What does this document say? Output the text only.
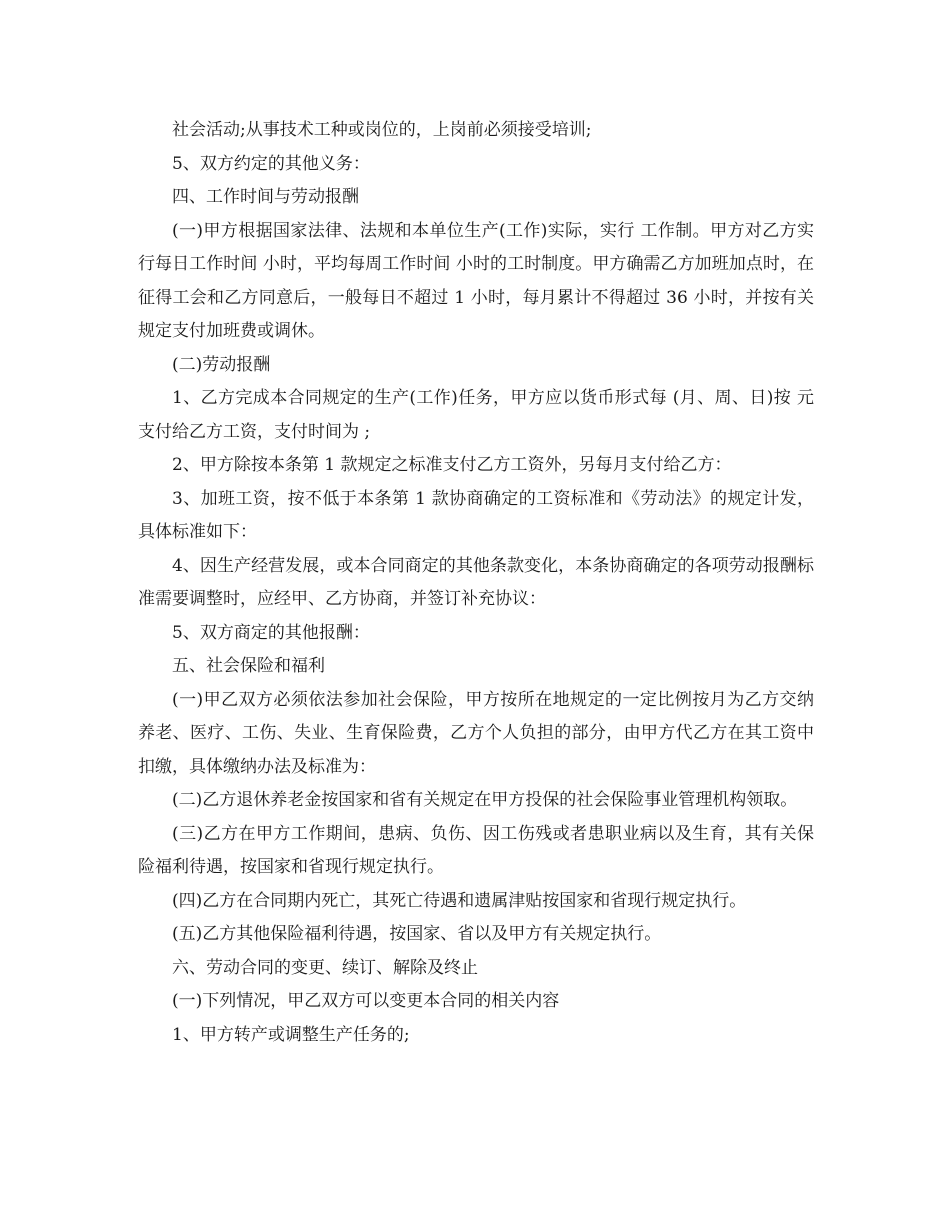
社会活动;从事技术工种或岗位的，上岗前必须接受培训;

5、双方约定的其他义务：

四、工作时间与劳动报酬

(一)甲方根据国家法律、法规和本单位生产(工作)实际，实行 工作制。甲方对乙方实行每日工作时间 小时，平均每周工作时间 小时的工时制度。甲方确需乙方加班加点时，在征得工会和乙方同意后，一般每日不超过 1 小时，每月累计不得超过 36 小时，并按有关规定支付加班费或调休。

(二)劳动报酬

1、乙方完成本合同规定的生产(工作)任务，甲方应以货币形式每 (月、周、日)按 元支付给乙方工资，支付时间为 ;

2、甲方除按本条第 1 款规定之标准支付乙方工资外，另每月支付给乙方：

3、加班工资，按不低于本条第 1 款协商确定的工资标准和《劳动法》的规定计发，具体标准如下：

4、因生产经营发展，或本合同商定的其他条款变化，本条协商确定的各项劳动报酬标准需要调整时，应经甲、乙方协商，并签订补充协议：

5、双方商定的其他报酬：

五、社会保险和福利

(一)甲乙双方必须依法参加社会保险，甲方按所在地规定的一定比例按月为乙方交纳养老、医疗、工伤、失业、生育保险费，乙方个人负担的部分，由甲方代乙方在其工资中扣缴，具体缴纳办法及标准为：

(二)乙方退休养老金按国家和省有关规定在甲方投保的社会保险事业管理机构领取。

(三)乙方在甲方工作期间，患病、负伤、因工伤残或者患职业病以及生育，其有关保险福利待遇，按国家和省现行规定执行。

(四)乙方在合同期内死亡，其死亡待遇和遗属津贴按国家和省现行规定执行。

(五)乙方其他保险福利待遇，按国家、省以及甲方有关规定执行。

六、劳动合同的变更、续订、解除及终止

(一)下列情况，甲乙双方可以变更本合同的相关内容

1、甲方转产或调整生产任务的;
